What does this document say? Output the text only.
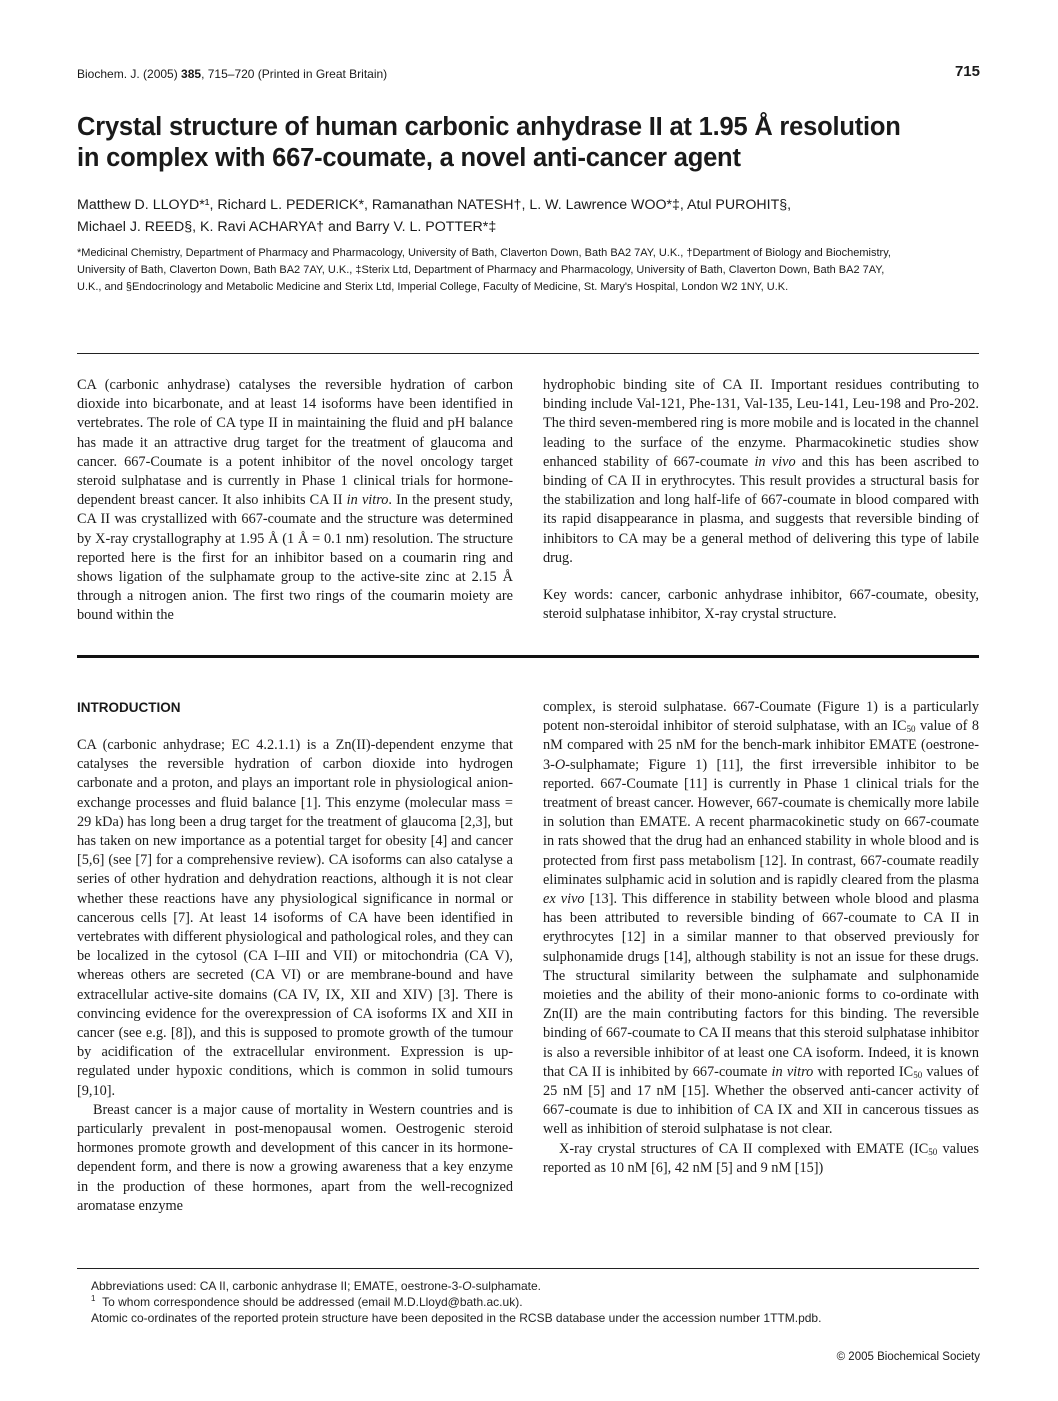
Biochem. J. (2005) 385, 715–720 (Printed in Great Britain)	715
Crystal structure of human carbonic anhydrase II at 1.95 Å resolution
in complex with 667-coumate, a novel anti-cancer agent
Matthew D. LLOYD*¹, Richard L. PEDERICK*, Ramanathan NATESH†, L. W. Lawrence WOO*‡, Atul PUROHIT§,
Michael J. REED§, K. Ravi ACHARYA† and Barry V. L. POTTER*‡
*Medicinal Chemistry, Department of Pharmacy and Pharmacology, University of Bath, Claverton Down, Bath BA2 7AY, U.K., †Department of Biology and Biochemistry,
University of Bath, Claverton Down, Bath BA2 7AY, U.K., ‡Sterix Ltd, Department of Pharmacy and Pharmacology, University of Bath, Claverton Down, Bath BA2 7AY,
U.K., and §Endocrinology and Metabolic Medicine and Sterix Ltd, Imperial College, Faculty of Medicine, St. Mary's Hospital, London W2 1NY, U.K.

CA (carbonic anhydrase) catalyses the reversible hydration of carbon dioxide into bicarbonate, and at least 14 isoforms have been identified in vertebrates. The role of CA type II in maintaining the fluid and pH balance has made it an attractive drug target for the treatment of glaucoma and cancer. 667-Coumate is a potent inhibitor of the novel oncology target steroid sulphatase and is currently in Phase 1 clinical trials for hormone-dependent breast cancer. It also inhibits CA II in vitro. In the present study, CA II was crystallized with 667-coumate and the structure was determined by X-ray crystallography at 1.95 Å (1 Å = 0.1 nm) resolution. The structure reported here is the first for an inhibitor based on a coumarin ring and shows ligation of the sulphamate group to the active-site zinc at 2.15 Å through a nitrogen anion. The first two rings of the coumarin moiety are bound within the

hydrophobic binding site of CA II. Important residues contributing to binding include Val-121, Phe-131, Val-135, Leu-141, Leu-198 and Pro-202. The third seven-membered ring is more mobile and is located in the channel leading to the surface of the enzyme. Pharmacokinetic studies show enhanced stability of 667-coumate in vivo and this has been ascribed to binding of CA II in erythrocytes. This result provides a structural basis for the stabilization and long half-life of 667-coumate in blood compared with its rapid disappearance in plasma, and suggests that reversible binding of inhibitors to CA may be a general method of delivering this type of labile drug.

Key words: cancer, carbonic anhydrase inhibitor, 667-coumate, obesity, steroid sulphatase inhibitor, X-ray crystal structure.

INTRODUCTION

CA (carbonic anhydrase; EC 4.2.1.1) is a Zn(II)-dependent enzyme that catalyses the reversible hydration of carbon dioxide into hydrogen carbonate and a proton, and plays an important role in physiological anion-exchange processes and fluid balance [1]. This enzyme (molecular mass = 29 kDa) has long been a drug target for the treatment of glaucoma [2,3], but has taken on new importance as a potential target for obesity [4] and cancer [5,6] (see [7] for a comprehensive review). CA isoforms can also catalyse a series of other hydration and dehydration reactions, although it is not clear whether these reactions have any physiological significance in normal or cancerous cells [7]. At least 14 isoforms of CA have been identified in vertebrates with different physiological and pathological roles, and they can be localized in the cytosol (CA I–III and VII) or mitochondria (CA V), whereas others are secreted (CA VI) or are membrane-bound and have extracellular active-site domains (CA IV, IX, XII and XIV) [3]. There is convincing evidence for the overexpression of CA isoforms IX and XII in cancer (see e.g. [8]), and this is supposed to promote growth of the tumour by acidification of the extracellular environment. Expression is up-regulated under hypoxic conditions, which is common in solid tumours [9,10].

Breast cancer is a major cause of mortality in Western countries and is particularly prevalent in post-menopausal women. Oestrogenic steroid hormones promote growth and development of this cancer in its hormone-dependent form, and there is now a growing awareness that a key enzyme in the production of these hormones, apart from the well-recognized aromatase enzyme

complex, is steroid sulphatase. 667-Coumate (Figure 1) is a particularly potent non-steroidal inhibitor of steroid sulphatase, with an $IC_{50}$ value of 8 nM compared with 25 nM for the bench-mark inhibitor EMATE (oestrone-3-O-sulphamate; Figure 1) [11], the first irreversible inhibitor to be reported. 667-Coumate [11] is currently in Phase 1 clinical trials for the treatment of breast cancer. However, 667-coumate is chemically more labile in solution than EMATE. A recent pharmacokinetic study on 667-coumate in rats showed that the drug had an enhanced stability in whole blood and is protected from first pass metabolism [12]. In contrast, 667-coumate readily eliminates sulphamic acid in solution and is rapidly cleared from the plasma ex vivo [13]. This difference in stability between whole blood and plasma has been attributed to reversible binding of 667-coumate to CA II in erythrocytes [12] in a similar manner to that observed previously for sulphonamide drugs [14], although stability is not an issue for these drugs. The structural similarity between the sulphamate and sulphonamide moieties and the ability of their mono-anionic forms to co-ordinate with Zn(II) are the main contributing factors for this binding. The reversible binding of 667-coumate to CA II means that this steroid sulphatase inhibitor is also a reversible inhibitor of at least one CA isoform. Indeed, it is known that CA II is inhibited by 667-coumate in vitro with reported $IC_{50}$ values of 25 nM [5] and 17 nM [15]. Whether the observed anti-cancer activity of 667-coumate is due to inhibition of CA IX and XII in cancerous tissues as well as inhibition of steroid sulphatase is not clear.

X-ray crystal structures of CA II complexed with EMATE ($IC_{50}$ values reported as 10 nM [6], 42 nM [5] and 9 nM [15])

Abbreviations used: CA II, carbonic anhydrase II; EMATE, oestrone-3-O-sulphamate.
$^1$ To whom correspondence should be addressed (email M.D.Lloyd@bath.ac.uk).
Atomic co-ordinates of the reported protein structure have been deposited in the RCSB database under the accession number 1TTM.pdb.
© 2005 Biochemical Society
